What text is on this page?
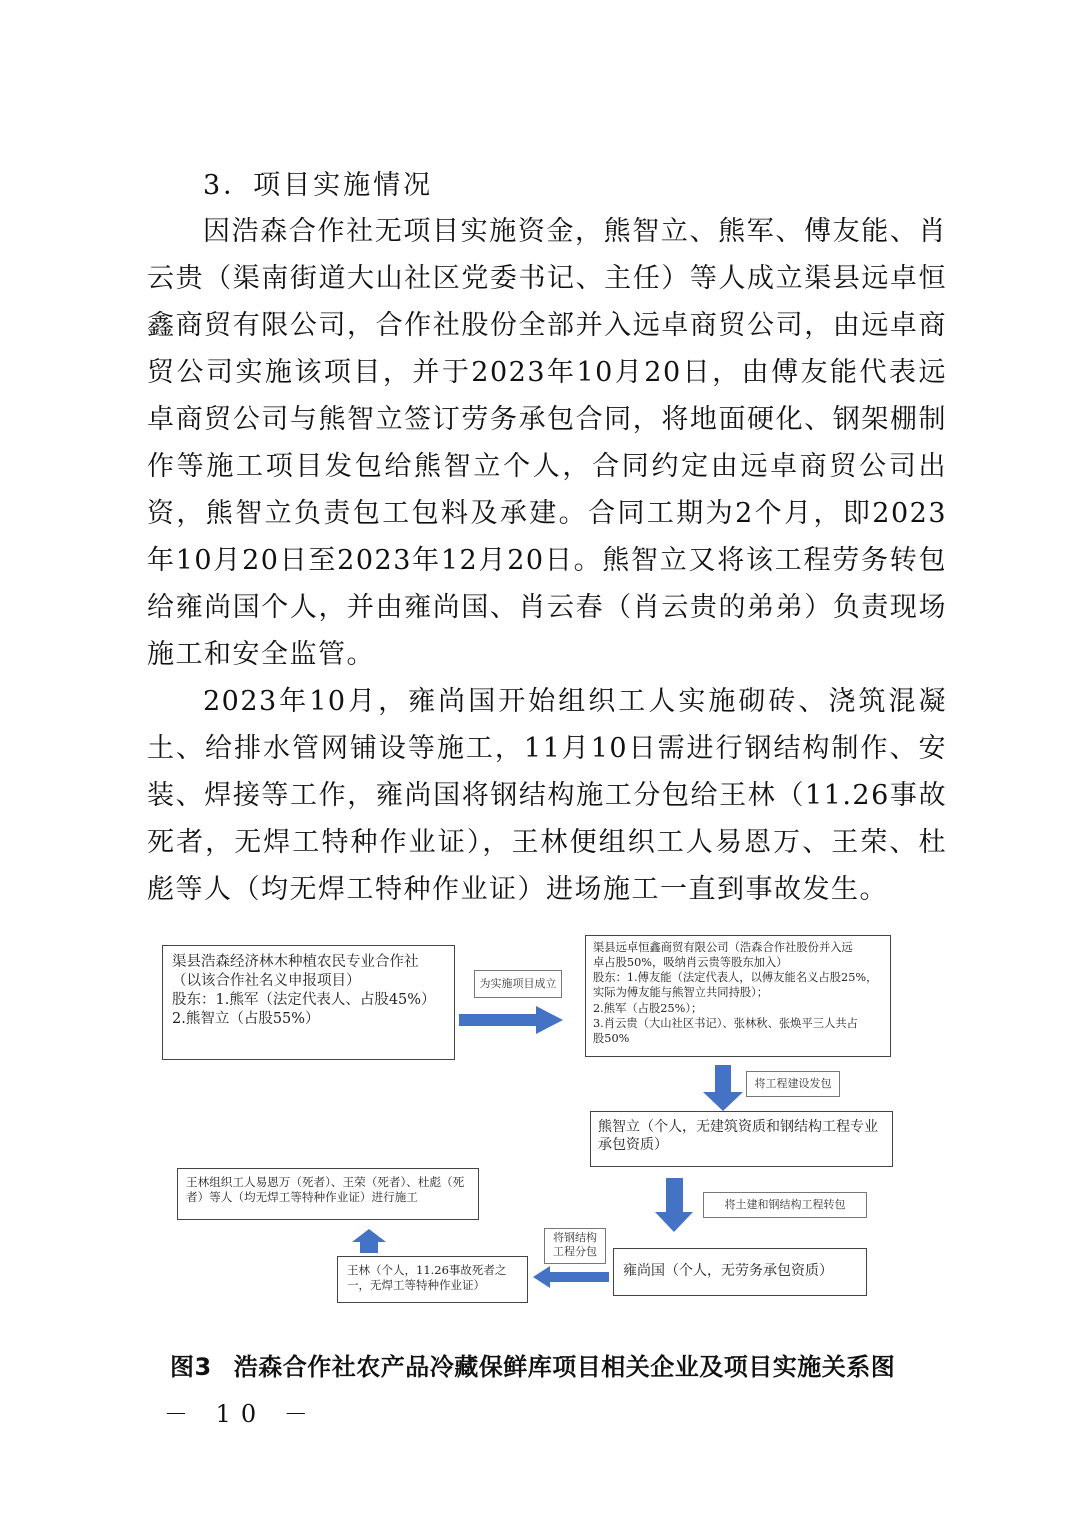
3．项目实施情况

因浩森合作社无项目实施资金，熊智立、熊军、傅友能、肖云贵（渠南街道大山社区党委书记、主任）等人成立渠县远卓恒鑫商贸有限公司，合作社股份全部并入远卓商贸公司，由远卓商贸公司实施该项目，并于2023年10月20日，由傅友能代表远卓商贸公司与熊智立签订劳务承包合同，将地面硬化、钢架棚制作等施工项目发包给熊智立个人，合同约定由远卓商贸公司出资，熊智立负责包工包料及承建。合同工期为2个月，即2023年10月20日至2023年12月20日。熊智立又将该工程劳务转包给雍尚国个人，并由雍尚国、肖云春（肖云贵的弟弟）负责现场施工和安全监管。

2023年10月，雍尚国开始组织工人实施砌砖、浇筑混凝土、给排水管网铺设等施工，11月10日需进行钢结构制作、安装、焊接等工作，雍尚国将钢结构施工分包给王林（11.26事故死者，无焊工特种作业证），王林便组织工人易恩万、王荣、杜彪等人（均无焊工特种作业证）进场施工一直到事故发生。

渠县浩森经济林木种植农民专业合作社
（以该合作社名义申报项目）
股东：1.熊军（法定代表人、占股45%）
2.熊智立（占股55%）
为实施项目成立
渠县远卓恒鑫商贸有限公司（浩森合作社股份并入远
卓占股50%，吸纳肖云贵等股东加入）
股东：1.傅友能（法定代表人，以傅友能名义占股25%，
实际为傅友能与熊智立共同持股）；
2.熊军（占股25%）；
3.肖云贵（大山社区书记）、张林秋、张焕平三人共占
股50%
将工程建设发包
熊智立（个人，无建筑资质和钢结构工程专业
承包资质）
将土建和钢结构工程转包
雍尚国（个人，无劳务承包资质）
将钢结构
工程分包
王林（个人，11.26事故死者之
一，无焊工等特种作业证）
王林组织工人易恩万（死者）、王荣（死者）、杜彪（死
者）等人（均无焊工等特种作业证）进行施工
图3 浩森合作社农产品冷藏保鲜库项目相关企业及项目实施关系图
－ 10 －
